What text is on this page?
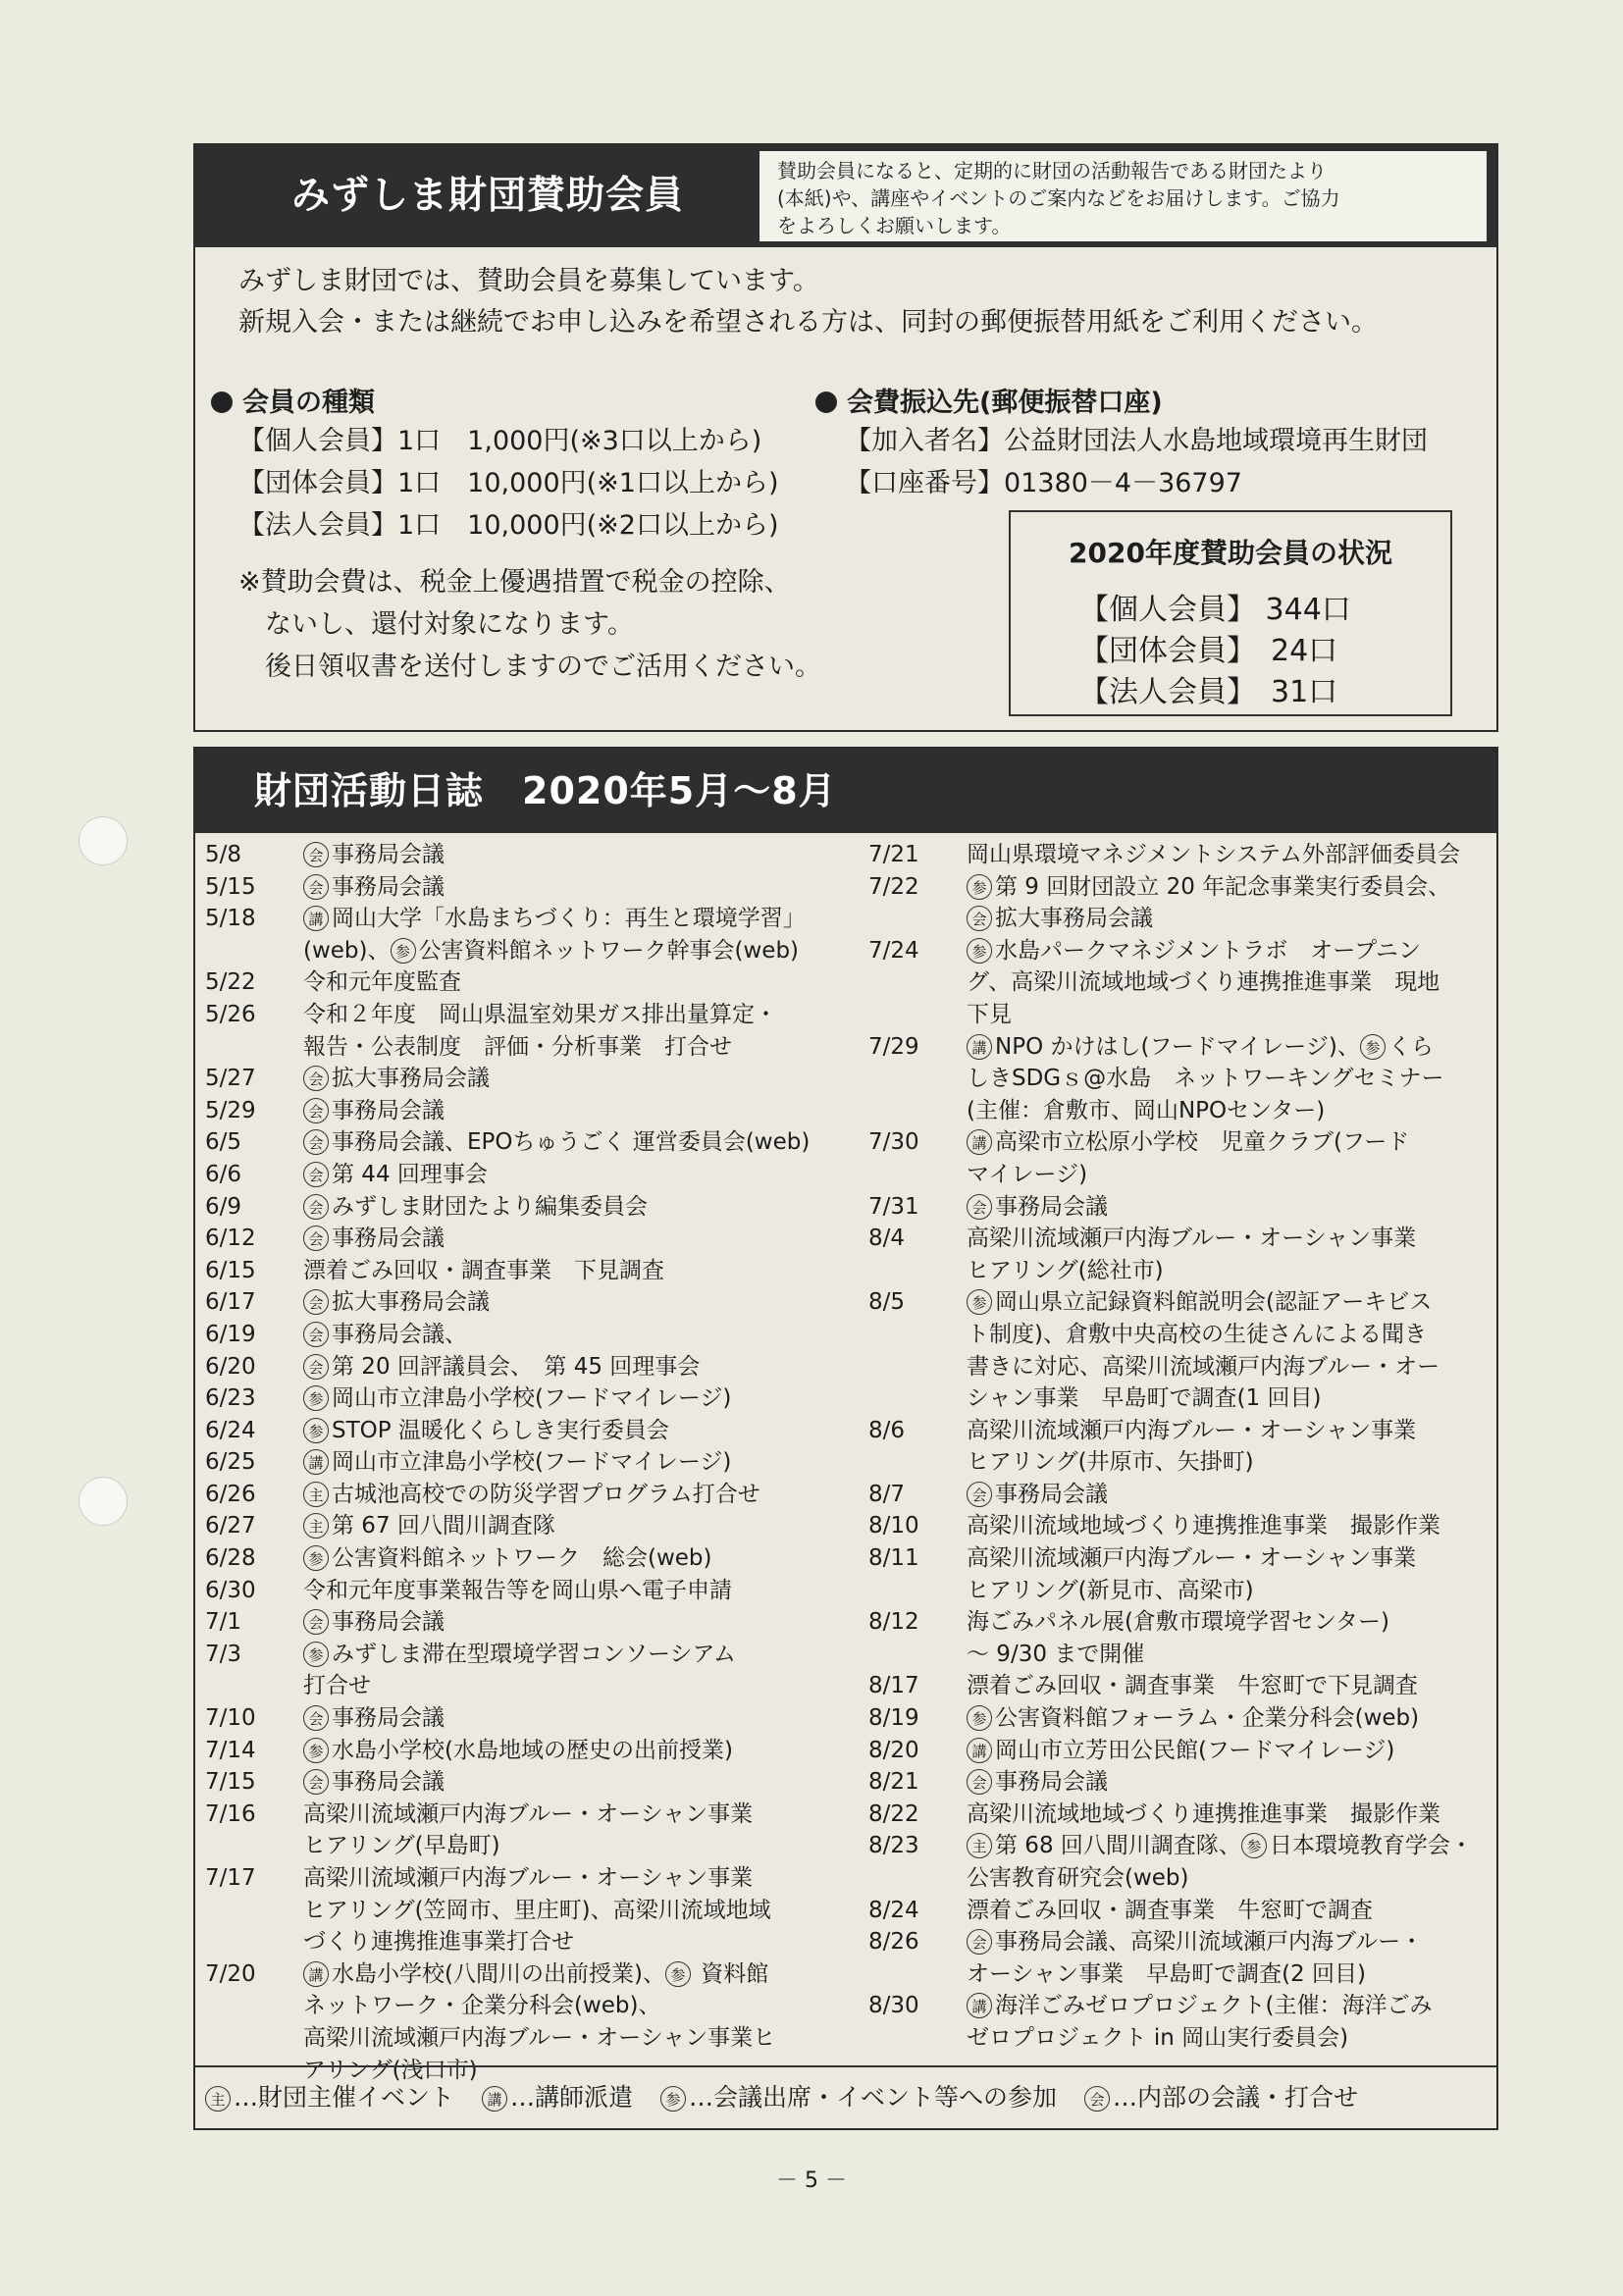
みずしま財団賛助会員
賛助会員になると、定期的に財団の活動報告である財団たより
(本紙)や、講座やイベントのご案内などをお届けします。ご協力
をよろしくお願いします。
みずしま財団では、賛助会員を募集しています。
新規入会・または継続でお申し込みを希望される方は、同封の郵便振替用紙をご利用ください。
会員の種類
【個人会員】1口　1,000円(※3口以上から)
【団体会員】1口　10,000円(※1口以上から)
【法人会員】1口　10,000円(※2口以上から)
会費振込先(郵便振替口座)
【加入者名】公益財団法人水島地域環境再生財団
【口座番号】01380－4－36797
※賛助会費は、税金上優遇措置で税金の控除、
　ないし、還付対象になります。
　後日領収書を送付しますのでご活用ください。
2020年度賛助会員の状況
【個人会員】 344口
【団体会員】　24口
【法人会員】　31口
財団活動日誌　2020年5月～8月
5/8	会 事務局会議
5/15	会 事務局会議
5/18	講 岡山大学「水島まちづくり：再生と環境学習」
(web)、 参 公害資料館ネットワーク幹事会(web)
5/22	令和元年度監査
5/26	令和２年度　岡山県温室効果ガス排出量算定・
報告・公表制度　評価・分析事業　打合せ
5/27	会 拡大事務局会議
5/29	会 事務局会議
6/5	会 事務局会議、EPOちゅうごく 運営委員会(web)
6/6	会 第 44 回理事会
6/9	会 みずしま財団たより編集委員会
6/12	会 事務局会議
6/15	漂着ごみ回収・調査事業　下見調査
6/17	会 拡大事務局会議
6/19	会 事務局会議、
6/20	会 第 20 回評議員会、　第 45 回理事会
6/23	参 岡山市立津島小学校(フードマイレージ)
6/24	参 STOP 温暖化くらしき実行委員会
6/25	講 岡山市立津島小学校(フードマイレージ)
6/26	主 古城池高校での防災学習プログラム打合せ
6/27	主 第 67 回八間川調査隊
6/28	参 公害資料館ネットワーク　総会(web)
6/30	令和元年度事業報告等を岡山県へ電子申請
7/1	会 事務局会議
7/3	参 みずしま滞在型環境学習コンソーシアム
打合せ
7/10	会 事務局会議
7/14	参 水島小学校(水島地域の歴史の出前授業)
7/15	会 事務局会議
7/16	高梁川流域瀬戸内海ブルー・オーシャン事業
ヒアリング(早島町)
7/17	高梁川流域瀬戸内海ブルー・オーシャン事業
ヒアリング(笠岡市、里庄町)、高梁川流域地域
づくり連携推進事業打合せ
7/20	講 水島小学校(八間川の出前授業)、 参 資料館
ネットワーク・企業分科会(web)、
高梁川流域瀬戸内海ブルー・オーシャン事業ヒ
アリング(浅口市)
7/21	岡山県環境マネジメントシステム外部評価委員会
7/22	参 第 9 回財団設立 20 年記念事業実行委員会、
会 拡大事務局会議
7/24	参 水島パークマネジメントラボ　オープニン
グ、高梁川流域地域づくり連携推進事業　現地
下見
7/29	講 NPO かけはし(フードマイレージ)、 参 くら
しきSDGｓ@水島　ネットワーキングセミナー
(主催：倉敷市、岡山NPOセンター)
7/30	講 高梁市立松原小学校　児童クラブ(フード
マイレージ)
7/31	会 事務局会議
8/4	高梁川流域瀬戸内海ブルー・オーシャン事業
ヒアリング(総社市)
8/5	参 岡山県立記録資料館説明会(認証アーキビス
ト制度)、倉敷中央高校の生徒さんによる聞き
書きに対応、高梁川流域瀬戸内海ブルー・オー
シャン事業　早島町で調査(1 回目)
8/6	高梁川流域瀬戸内海ブルー・オーシャン事業
ヒアリング(井原市、矢掛町)
8/7	会 事務局会議
8/10	高梁川流域地域づくり連携推進事業　撮影作業
8/11	高梁川流域瀬戸内海ブルー・オーシャン事業
ヒアリング(新見市、高梁市)
8/12	海ごみパネル展(倉敷市環境学習センター)
～ 9/30 まで開催
8/17	漂着ごみ回収・調査事業　牛窓町で下見調査
8/19	参 公害資料館フォーラム・企業分科会(web)
8/20	講 岡山市立芳田公民館(フードマイレージ)
8/21	会 事務局会議
8/22	高梁川流域地域づくり連携推進事業　撮影作業
8/23	主 第 68 回八間川調査隊、 参 日本環境教育学会・
公害教育研究会(web)
8/24	漂着ごみ回収・調査事業　牛窓町で調査
8/26	会 事務局会議、高梁川流域瀬戸内海ブルー・
オーシャン事業　早島町で調査(2 回目)
8/30	講 海洋ごみゼロプロジェクト(主催：海洋ごみ
ゼロプロジェクト in 岡山実行委員会)
主 …財団主催イベント 講 …講師派遣 参 …会議出席・イベント等への参加 会 …内部の会議・打合せ
－ 5 －
